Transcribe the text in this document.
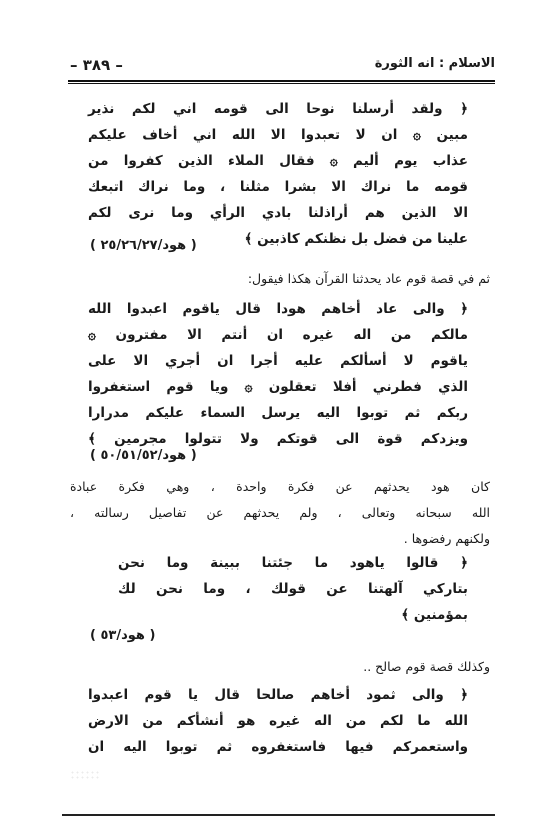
الاسلام : انه الثورة
– ٣٨٩ –
﴿ ولقد أرسلنا نوحا الى قومه اني لكم نذير
مبين ۞ ان لا تعبدوا الا الله اني أخاف عليكم
عذاب يوم أليم ۞ فقال الملاء الذين كفروا من
قومه ما نراك الا بشرا مثلنا ، وما نراك اتبعك
الا الذين هم أراذلنا بادي الرأي وما نرى لكم
علينا من فضل بل نظنكم كاذبين ﴾
( هود/٢٥/٢٦/٢٧ )
ثم في قصة قوم عاد يحدثنا القرآن هكذا فيقول:
﴿ والى عاد أخاهم هودا قال ياقوم اعبدوا الله
مالكم من اله غيره ان أنتم الا مفترون ۞
ياقوم لا أسألكم عليه أجرا ان أجري الا على
الذي فطرني أفلا تعقلون ۞ ويا قوم استغفروا
ربكم ثم توبوا اليه يرسل السماء عليكم مدرارا
ويزدكم قوة الى قوتكم ولا تتولوا مجرمين ﴾
( هود/٥٠/٥١/٥٢ )
كان هود يحدثهم عن فكرة واحدة ، وهي فكرة عبادة
الله سبحانه وتعالى ، ولم يحدثهم عن تفاصيل رسالته ،
ولكنهم رفضوها .
﴿ قالوا ياهود ما جئتنا ببينة وما نحن
بتاركي آلهتنا عن قولك ، وما نحن لك
بمؤمنين ﴾
( هود/٥٣ )
وكذلك قصة قوم صالح ..
﴿ والى ثمود أخاهم صالحا قال يا قوم اعبدوا
الله ما لكم من اله غيره هو أنشأكم من الارض
واستعمركم فيها فاستغفروه ثم توبوا اليه ان
